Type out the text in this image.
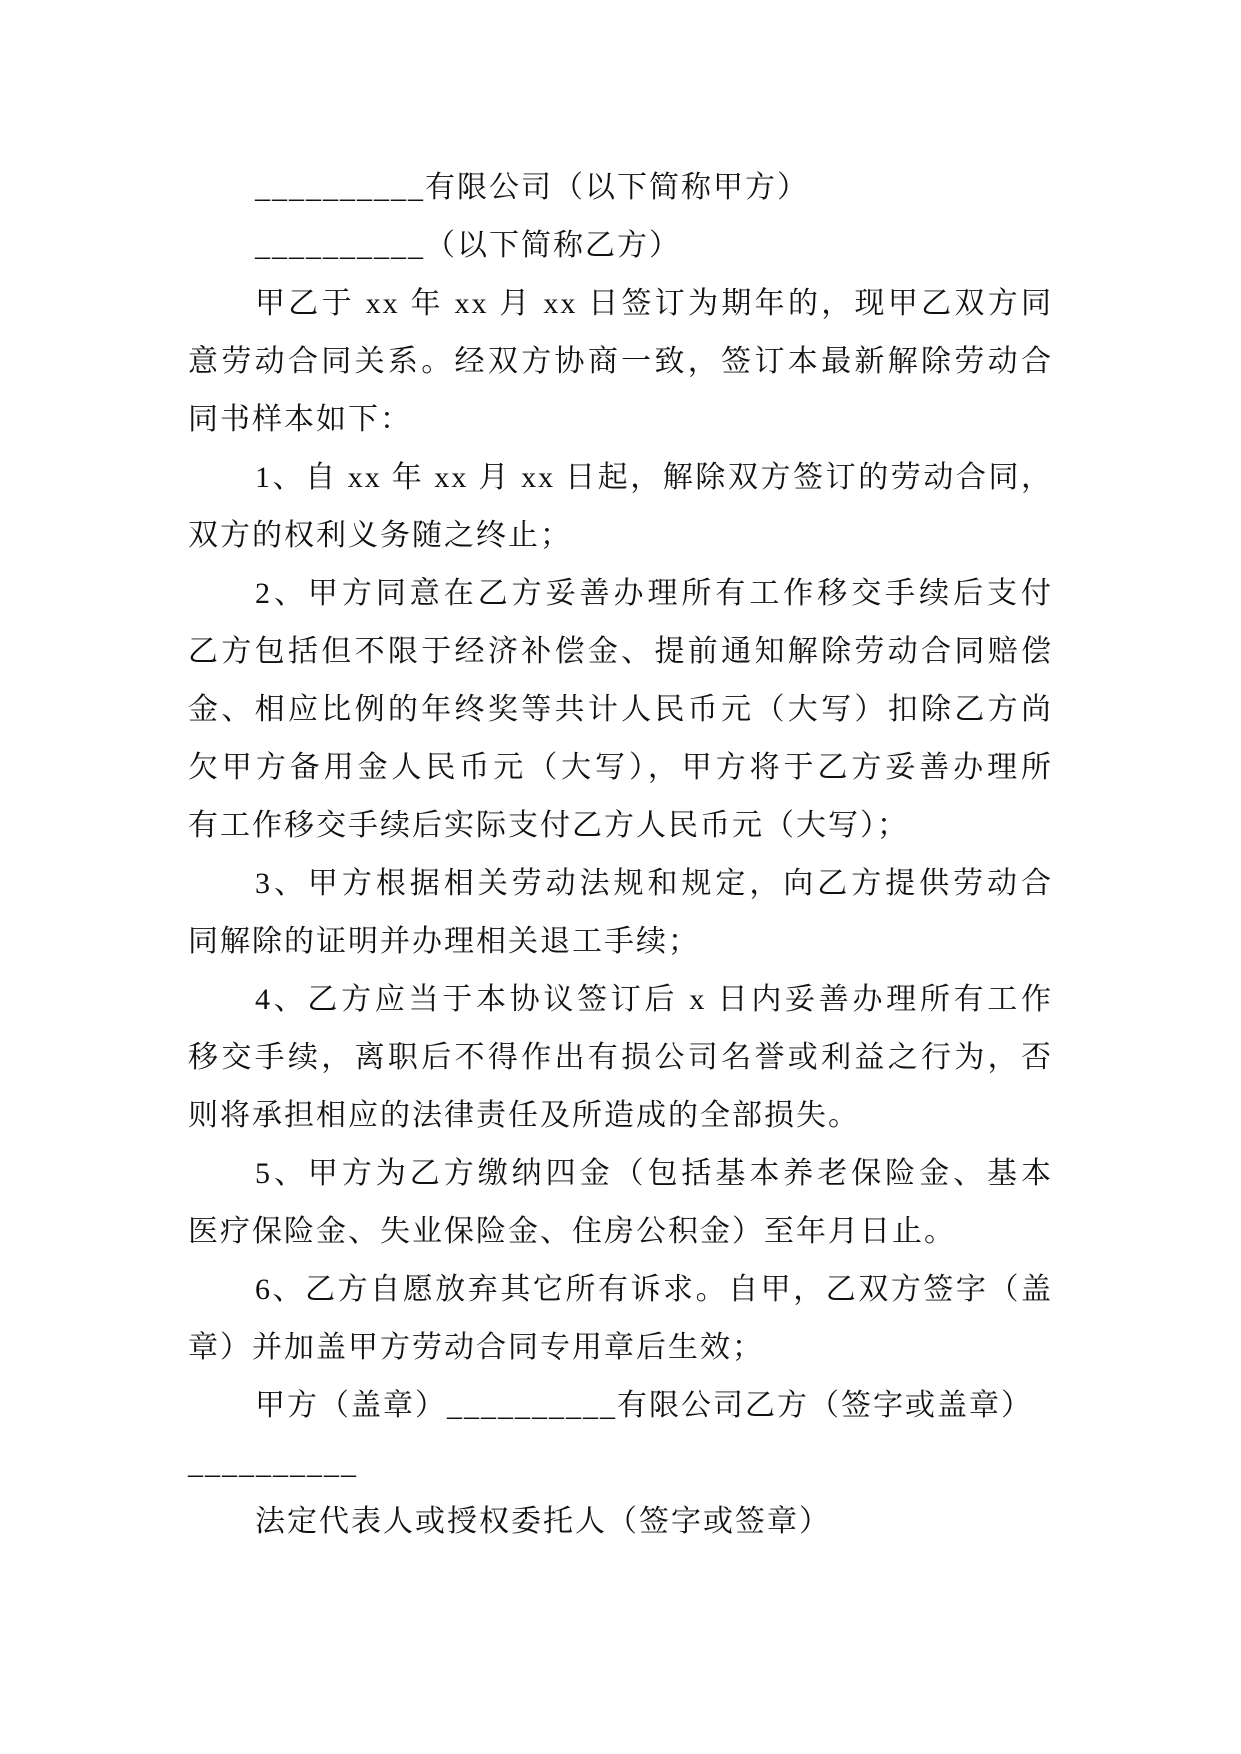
__________有限公司（以下简称甲方）
__________（以下简称乙方）
甲乙于 xx 年 xx 月 xx 日签订为期年的，现甲乙双方同
意劳动合同关系。经双方协商一致，签订本最新解除劳动合
同书样本如下：
1、自 xx 年 xx 月 xx 日起，解除双方签订的劳动合同，
双方的权利义务随之终止；
2、甲方同意在乙方妥善办理所有工作移交手续后支付
乙方包括但不限于经济补偿金、提前通知解除劳动合同赔偿
金、相应比例的年终奖等共计人民币元（大写）扣除乙方尚
欠甲方备用金人民币元（大写），甲方将于乙方妥善办理所
有工作移交手续后实际支付乙方人民币元（大写）；
3、甲方根据相关劳动法规和规定，向乙方提供劳动合
同解除的证明并办理相关退工手续；
4、乙方应当于本协议签订后 x 日内妥善办理所有工作
移交手续，离职后不得作出有损公司名誉或利益之行为，否
则将承担相应的法律责任及所造成的全部损失。
5、甲方为乙方缴纳四金（包括基本养老保险金、基本
医疗保险金、失业保险金、住房公积金）至年月日止。
6、乙方自愿放弃其它所有诉求。自甲，乙双方签字（盖
章）并加盖甲方劳动合同专用章后生效；
甲方（盖章）__________有限公司乙方（签字或盖章）
__________
法定代表人或授权委托人（签字或签章）
